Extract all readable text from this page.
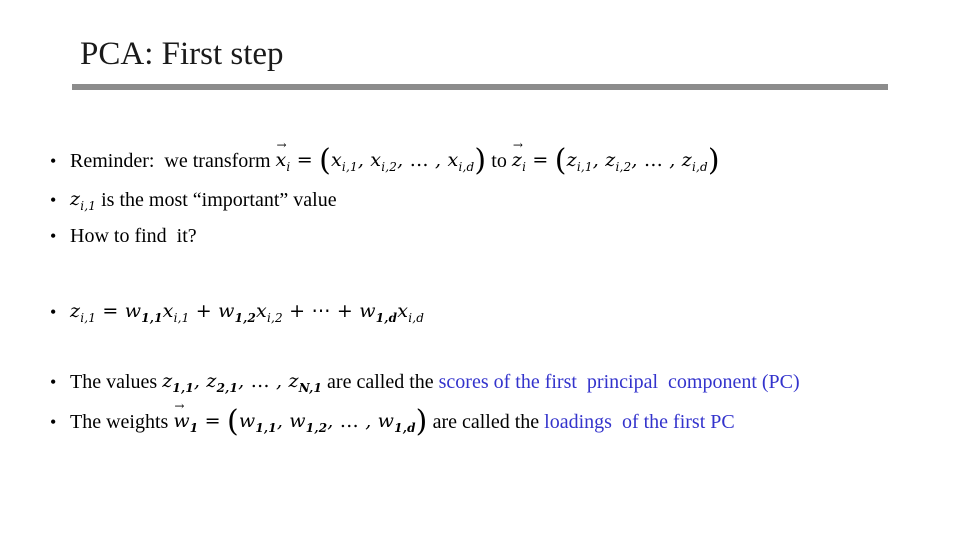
PCA: First step
• Reminder:  we transform → $x_i = (x_{i,1}$, $x_{i,2}$, … , $x_{i,d}$) to → $z_i = (z_{i,1}$, $z_{i,2}$, … , $z_{i,d}$)
• $z_{i,1}$ is the most “important” value
• How to find  it?
• $z_{i,1} = w_{1,1}x_{i,1} + w_{1,2}x_{i,2}$ + ⋯ + $w_{1,d}x_{i,d}$
• The values $z_{1,1}$, $z_{2,1}$, … , $z_{N,1}$ are called the scores of the first  principal  component (PC)
• The weights → $w_1 = (w_{1,1}$, $w_{1,2}$, … , $w_{1,d}$) are called the loadings  of the first PC
